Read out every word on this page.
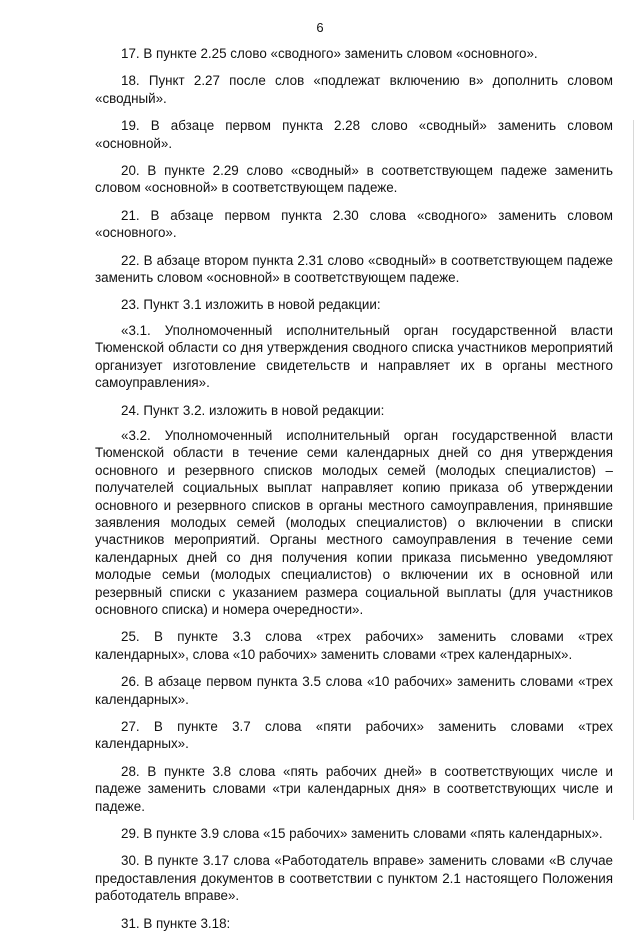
6

17. В пункте 2.25 слово «сводного» заменить словом «основного».

18. Пункт 2.27 после слов «подлежат включению в» дополнить словом «сводный».

19. В абзаце первом пункта 2.28 слово «сводный» заменить словом «основной».

20. В пункте 2.29 слово «сводный» в соответствующем падеже заменить словом «основной» в соответствующем падеже.

21. В абзаце первом пункта 2.30 слова «сводного» заменить словом «основного».

22. В абзаце втором пункта 2.31 слово «сводный» в соответствующем падеже заменить словом «основной» в соответствующем падеже.

23. Пункт 3.1 изложить в новой редакции:

«3.1. Уполномоченный исполнительный орган государственной власти Тюменской области со дня утверждения сводного списка участников мероприятий организует изготовление свидетельств и направляет их в органы местного самоуправления».

24. Пункт 3.2. изложить в новой редакции:

«3.2. Уполномоченный исполнительный орган государственной власти Тюменской области в течение семи календарных дней со дня утверждения основного и резервного списков молодых семей (молодых специалистов) – получателей социальных выплат направляет копию приказа об утверждении основного и резервного списков в органы местного самоуправления, принявшие заявления молодых семей (молодых специалистов) о включении в списки участников мероприятий. Органы местного самоуправления в течение семи календарных дней со дня получения копии приказа письменно уведомляют молодые семьи (молодых специалистов) о включении их в основной или резервный списки с указанием размера социальной выплаты (для участников основного списка) и номера очередности».

25. В пункте 3.3 слова «трех рабочих» заменить словами «трех календарных», слова «10 рабочих» заменить словами «трех календарных».

26. В абзаце первом пункта 3.5 слова «10 рабочих» заменить словами «трех календарных».

27. В пункте 3.7 слова «пяти рабочих» заменить словами «трех календарных».

28. В пункте 3.8 слова «пять рабочих дней» в соответствующих числе и падеже заменить словами «три календарных дня» в соответствующих числе и падеже.

29. В пункте 3.9 слова «15 рабочих» заменить словами «пять календарных».

30. В пункте 3.17 слова «Работодатель вправе» заменить словами «В случае предоставления документов в соответствии с пунктом 2.1 настоящего Положения работодатель вправе».

31. В пункте 3.18:
